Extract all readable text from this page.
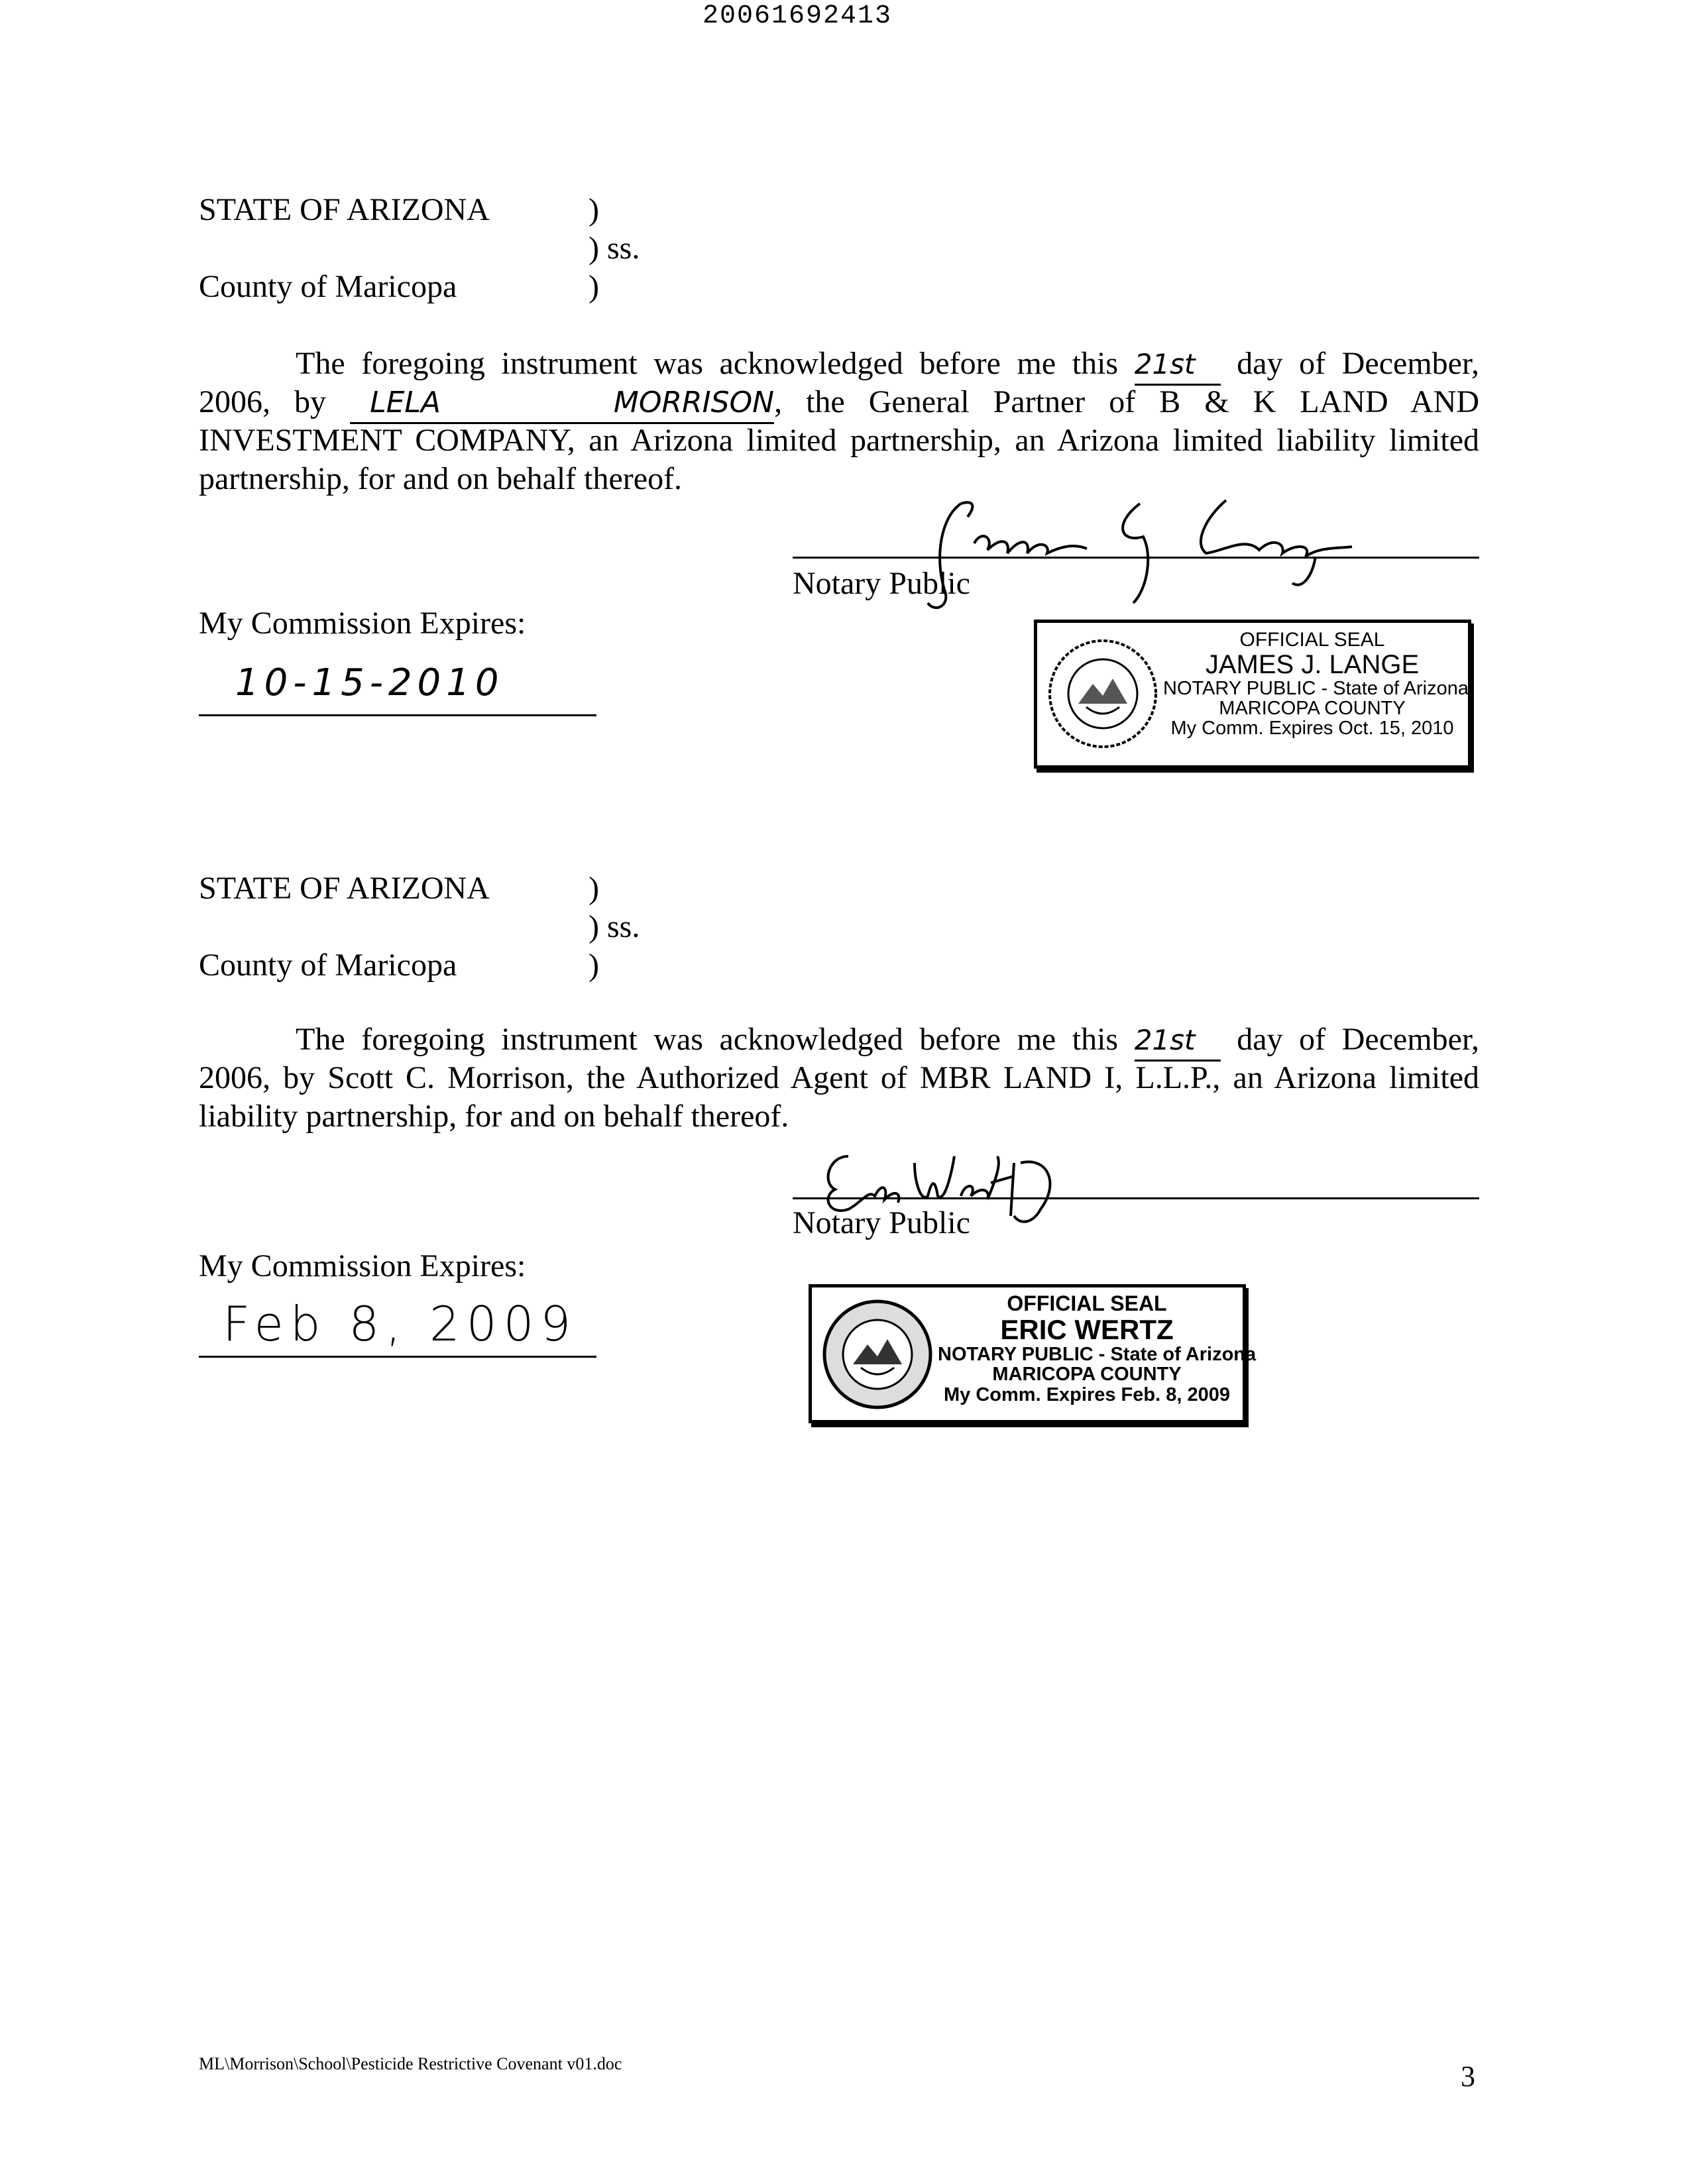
20061692413
STATE OF ARIZONA	)
) ss.
County of Maricopa	)
The foregoing instrument was acknowledged before me this 21st day of December,
2006, by LELA MORRISON, the General Partner of B & K LAND AND
INVESTMENT COMPANY, an Arizona limited partnership, an Arizona limited liability limited
partnership, for and on behalf thereof.
Notary Public
My Commission Expires:
10-15-2010
OFFICIAL SEAL
JAMES J. LANGE
NOTARY PUBLIC - State of Arizona
MARICOPA COUNTY
My Comm. Expires Oct. 15, 2010
STATE OF ARIZONA	)
) ss.
County of Maricopa	)
The foregoing instrument was acknowledged before me this 21st day of December,
2006, by Scott C. Morrison, the Authorized Agent of MBR LAND I, L.L.P., an Arizona limited
liability partnership, for and on behalf thereof.
Notary Public
My Commission Expires:
Feb 8, 2009	OFFICIAL SEAL
ERIC WERTZ
NOTARY PUBLIC - State of Arizona
MARICOPA COUNTY
My Comm. Expires Feb. 8, 2009
ML\Morrison\School\Pesticide Restrictive Covenant v01.doc	3
